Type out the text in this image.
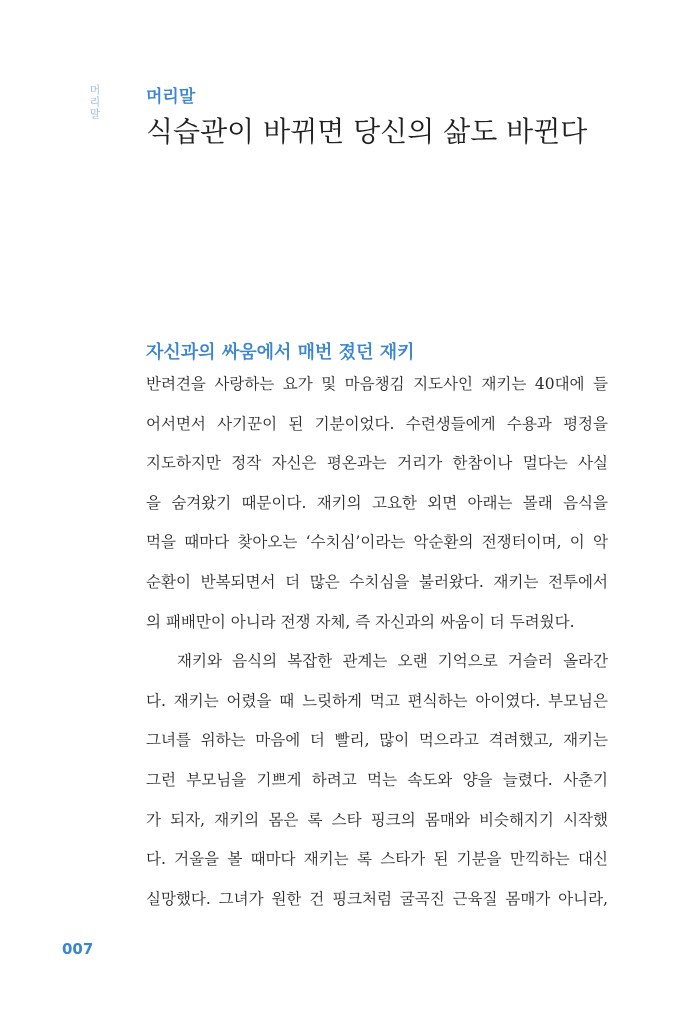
머리말	머리말
식습관이 바뀌면 당신의 삶도 바뀐다
자신과의 싸움에서 매번 졌던 재키
반려견을 사랑하는 요가 및 마음챙김 지도사인 재키는 40대에 들
어서면서 사기꾼이 된 기분이었다. 수련생들에게 수용과 평정을
지도하지만 정작 자신은 평온과는 거리가 한참이나 멀다는 사실
을 숨겨왔기 때문이다. 재키의 고요한 외면 아래는 몰래 음식을
먹을 때마다 찾아오는 ‘수치심’이라는 악순환의 전쟁터이며, 이 악
순환이 반복되면서 더 많은 수치심을 불러왔다. 재키는 전투에서
의 패배만이 아니라 전쟁 자체, 즉 자신과의 싸움이 더 두려웠다.
재키와 음식의 복잡한 관계는 오랜 기억으로 거슬러 올라간
다. 재키는 어렸을 때 느릿하게 먹고 편식하는 아이였다. 부모님은
그녀를 위하는 마음에 더 빨리, 많이 먹으라고 격려했고, 재키는
그런 부모님을 기쁘게 하려고 먹는 속도와 양을 늘렸다. 사춘기
가 되자, 재키의 몸은 록 스타 핑크의 몸매와 비슷해지기 시작했
다. 거울을 볼 때마다 재키는 록 스타가 된 기분을 만끽하는 대신
실망했다. 그녀가 원한 건 핑크처럼 굴곡진 근육질 몸매가 아니라,
007
